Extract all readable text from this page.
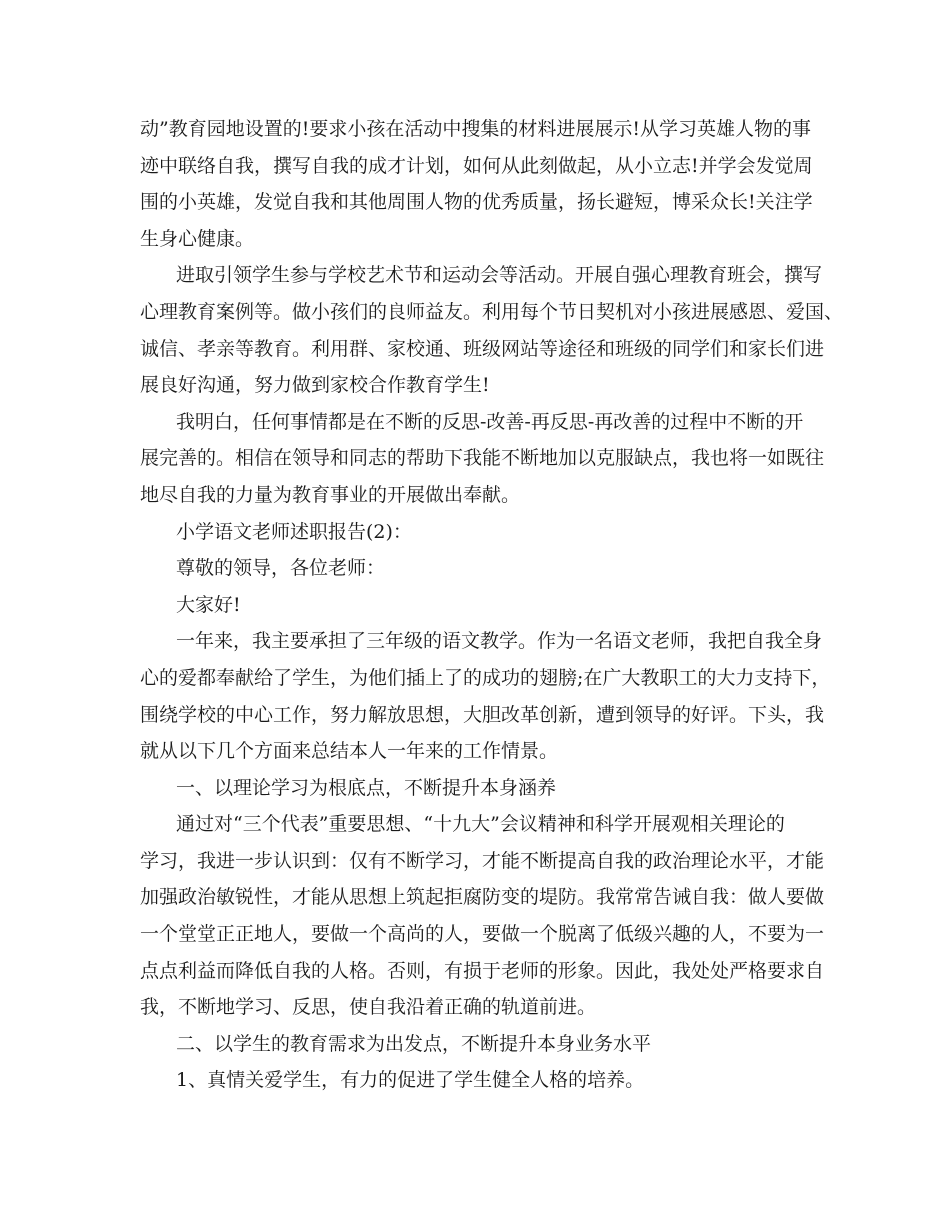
动”教育园地设置的!要求小孩在活动中搜集的材料进展展示!从学习英雄人物的事
迹中联络自我，撰写自我的成才计划，如何从此刻做起，从小立志!并学会发觉周
围的小英雄，发觉自我和其他周围人物的优秀质量，扬长避短，博采众长!关注学
生身心健康。
进取引领学生参与学校艺术节和运动会等活动。开展自强心理教育班会，撰写
心理教育案例等。做小孩们的良师益友。利用每个节日契机对小孩进展感恩、爱国、
诚信、孝亲等教育。利用群、家校通、班级网站等途径和班级的同学们和家长们进
展良好沟通，努力做到家校合作教育学生!
我明白，任何事情都是在不断的反思-改善-再反思-再改善的过程中不断的开
展完善的。相信在领导和同志的帮助下我能不断地加以克服缺点，我也将一如既往
地尽自我的力量为教育事业的开展做出奉献。
小学语文老师述职报告(2)：
尊敬的领导，各位老师：
大家好!
一年来，我主要承担了三年级的语文教学。作为一名语文老师，我把自我全身
心的爱都奉献给了学生，为他们插上了的成功的翅膀;在广大教职工的大力支持下，
围绕学校的中心工作，努力解放思想，大胆改革创新，遭到领导的好评。下头，我
就从以下几个方面来总结本人一年来的工作情景。
一、以理论学习为根底点，不断提升本身涵养
通过对“三个代表”重要思想、“十九大”会议精神和科学开展观相关理论的
学习，我进一步认识到：仅有不断学习，才能不断提高自我的政治理论水平，才能
加强政治敏锐性，才能从思想上筑起拒腐防变的堤防。我常常告诫自我：做人要做
一个堂堂正正地人，要做一个高尚的人，要做一个脱离了低级兴趣的人，不要为一
点点利益而降低自我的人格。否则，有损于老师的形象。因此，我处处严格要求自
我，不断地学习、反思，使自我沿着正确的轨道前进。
二、以学生的教育需求为出发点，不断提升本身业务水平
1、真情关爱学生，有力的促进了学生健全人格的培养。
